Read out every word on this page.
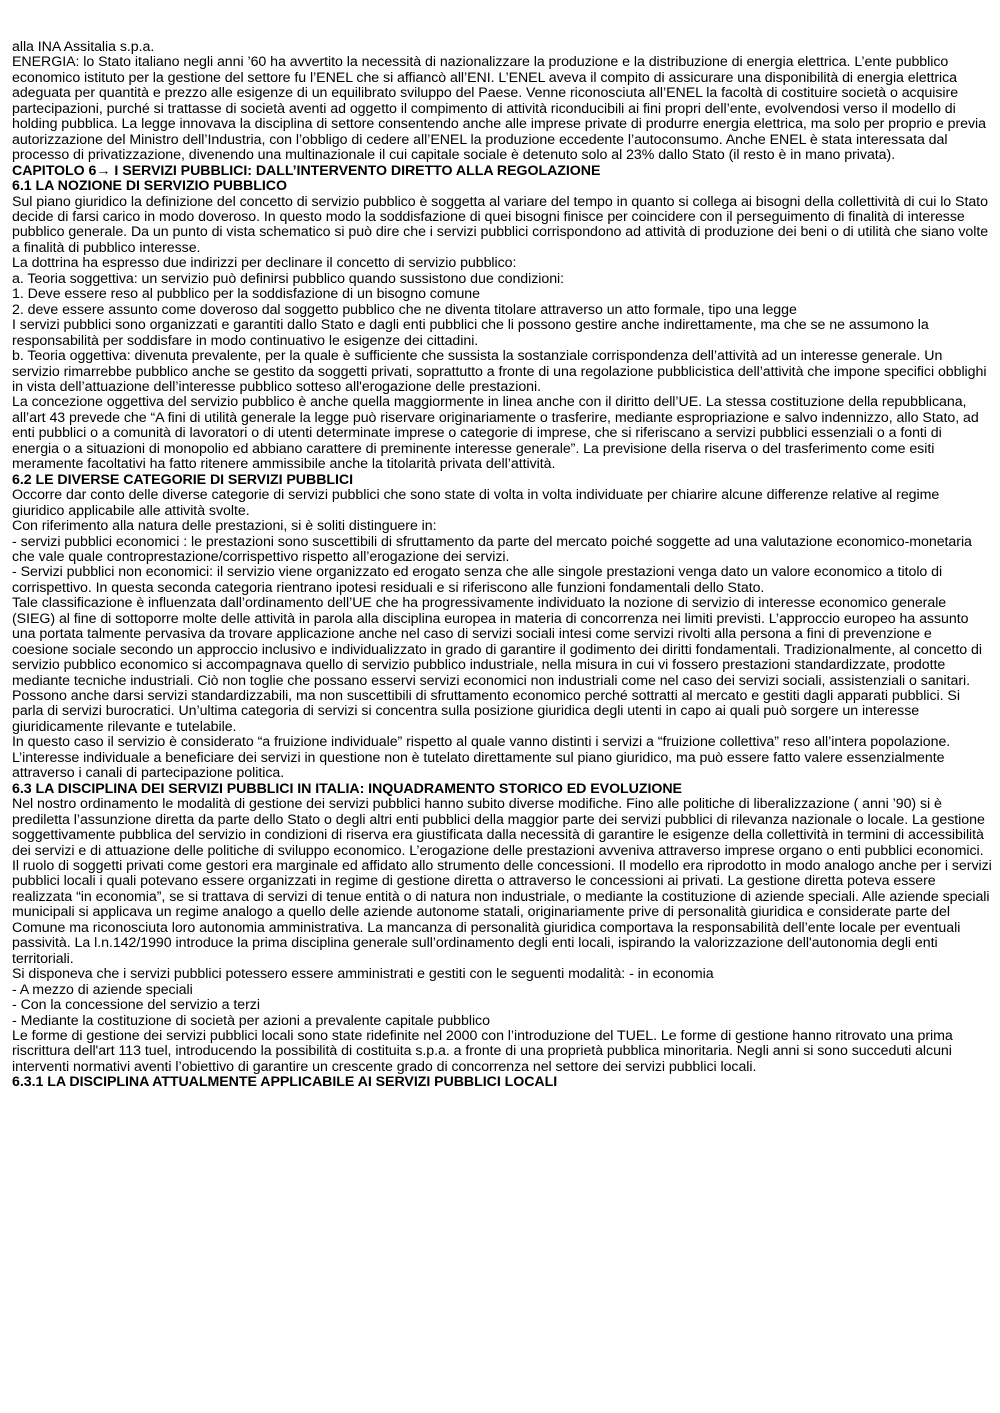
alla INA Assitalia s.p.a.

ENERGIA: lo Stato italiano negli anni ’60 ha avvertito la necessità di nazionalizzare la produzione e la distribuzione di energia elettrica. L’ente pubblico economico istituto per la gestione del settore fu l’ENEL che si affiancò all’ENI. L’ENEL aveva il compito di assicurare una disponibilità di energia elettrica adeguata per quantità e prezzo alle esigenze di un equilibrato sviluppo del Paese. Venne riconosciuta all’ENEL la facoltà di costituire società o acquisire partecipazioni, purché si trattasse di società aventi ad oggetto il compimento di attività riconducibili ai fini propri dell’ente, evolvendosi verso il modello di holding pubblica. La legge innovava la disciplina di settore consentendo anche alle imprese private di produrre energia elettrica, ma solo per proprio e previa autorizzazione del Ministro dell’Industria, con l’obbligo di cedere all’ENEL la produzione eccedente l’autoconsumo. Anche ENEL è stata interessata dal processo di privatizzazione, divenendo una multinazionale il cui capitale sociale è detenuto solo al 23% dallo Stato (il resto è in mano privata).

CAPITOLO 6→ I SERVIZI PUBBLICI: DALL’INTERVENTO DIRETTO ALLA REGOLAZIONE

6.1 LA NOZIONE DI SERVIZIO PUBBLICO

Sul piano giuridico la definizione del concetto di servizio pubblico è soggetta al variare del tempo in quanto si collega ai bisogni della collettività di cui lo Stato decide di farsi carico in modo doveroso. In questo modo la soddisfazione di quei bisogni finisce per coincidere con il perseguimento di finalità di interesse pubblico generale. Da un punto di vista schematico si può dire che i servizi pubblici corrispondono ad attività di produzione dei beni o di utilità che siano volte a finalità di pubblico interesse.

La dottrina ha espresso due indirizzi per declinare il concetto di servizio pubblico:

a. Teoria soggettiva: un servizio può definirsi pubblico quando sussistono due condizioni:

1. Deve essere reso al pubblico per la soddisfazione di un bisogno comune

2. deve essere assunto come doveroso dal soggetto pubblico che ne diventa titolare attraverso un atto formale, tipo una legge

I servizi pubblici sono organizzati e garantiti dallo Stato e dagli enti pubblici che li possono gestire anche indirettamente, ma che se ne assumono la responsabilità per soddisfare in modo continuativo le esigenze dei cittadini.

b. Teoria oggettiva: divenuta prevalente, per la quale è sufficiente che sussista la sostanziale corrispondenza dell’attività ad un interesse generale. Un servizio rimarrebbe pubblico anche se gestito da soggetti privati, soprattutto a fronte di una regolazione pubblicistica dell’attività che impone specifici obblighi in vista dell’attuazione dell’interesse pubblico sotteso all'erogazione delle prestazioni.

La concezione oggettiva del servizio pubblico è anche quella maggiormente in linea anche con il diritto dell’UE. La stessa costituzione della repubblicana, all’art 43 prevede che “A fini di utilità generale la legge può riservare originariamente o trasferire, mediante espropriazione e salvo indennizzo, allo Stato, ad enti pubblici o a comunità di lavoratori o di utenti determinate imprese o categorie di imprese, che si riferiscano a servizi pubblici essenziali o a fonti di energia o a situazioni di monopolio ed abbiano carattere di preminente interesse generale”. La previsione della riserva o del trasferimento come esiti meramente facoltativi ha fatto ritenere ammissibile anche la titolarità privata dell’attività.

6.2 LE DIVERSE CATEGORIE DI SERVIZI PUBBLICI

Occorre dar conto delle diverse categorie di servizi pubblici che sono state di volta in volta individuate per chiarire alcune differenze relative al regime giuridico applicabile alle attività svolte.

Con riferimento alla natura delle prestazioni, si è soliti distinguere in:

- servizi pubblici economici : le prestazioni sono suscettibili di sfruttamento da parte del mercato poiché soggette ad una valutazione economico-monetaria che vale quale controprestazione/corrispettivo rispetto all’erogazione dei servizi.

- Servizi pubblici non economici: il servizio viene organizzato ed erogato senza che alle singole prestazioni venga dato un valore economico a titolo di corrispettivo. In questa seconda categoria rientrano ipotesi residuali e si riferiscono alle funzioni fondamentali dello Stato.

Tale classificazione è influenzata dall’ordinamento dell’UE che ha progressivamente individuato la nozione di servizio di interesse economico generale (SIEG) al fine di sottoporre molte delle attività in parola alla disciplina europea in materia di concorrenza nei limiti previsti. L’approccio europeo ha assunto una portata talmente pervasiva da trovare applicazione anche nel caso di servizi sociali intesi come servizi rivolti alla persona a fini di prevenzione e coesione sociale secondo un approccio inclusivo e individualizzato in grado di garantire il godimento dei diritti fondamentali. Tradizionalmente, al concetto di servizio pubblico economico si accompagnava quello di servizio pubblico industriale, nella misura in cui vi fossero prestazioni standardizzate, prodotte mediante tecniche industriali. Ciò non toglie che possano esservi servizi economici non industriali come nel caso dei servizi sociali, assistenziali o sanitari. Possono anche darsi servizi standardizzabili, ma non suscettibili di sfruttamento economico perché sottratti al mercato e gestiti dagli apparati pubblici. Si parla di servizi burocratici. Un’ultima categoria di servizi si concentra sulla posizione giuridica degli utenti in capo ai quali può sorgere un interesse giuridicamente rilevante e tutelabile.

In questo caso il servizio è considerato “a fruizione individuale” rispetto al quale vanno distinti i servizi a “fruizione collettiva” reso all’intera popolazione. L’interesse individuale a beneficiare dei servizi in questione non è tutelato direttamente sul piano giuridico, ma può essere fatto valere essenzialmente attraverso i canali di partecipazione politica.

6.3 LA DISCIPLINA DEI SERVIZI PUBBLICI IN ITALIA: INQUADRAMENTO STORICO ED EVOLUZIONE

Nel nostro ordinamento le modalità di gestione dei servizi pubblici hanno subito diverse modifiche. Fino alle politiche di liberalizzazione ( anni ’90) si è prediletta l’assunzione diretta da parte dello Stato o degli altri enti pubblici della maggior parte dei servizi pubblici di rilevanza nazionale o locale. La gestione soggettivamente pubblica del servizio in condizioni di riserva era giustificata dalla necessità di garantire le esigenze della collettività in termini di accessibilità dei servizi e di attuazione delle politiche di sviluppo economico. L’erogazione delle prestazioni avveniva attraverso imprese organo o enti pubblici economici.

Il ruolo di soggetti privati come gestori era marginale ed affidato allo strumento delle concessioni. Il modello era riprodotto in modo analogo anche per i servizi pubblici locali i quali potevano essere organizzati in regime di gestione diretta o attraverso le concessioni ai privati. La gestione diretta poteva essere realizzata “in economia”, se si trattava di servizi di tenue entità o di natura non industriale, o mediante la costituzione di aziende speciali. Alle aziende speciali municipali si applicava un regime analogo a quello delle aziende autonome statali, originariamente prive di personalità giuridica e considerate parte del Comune ma riconosciuta loro autonomia amministrativa. La mancanza di personalità giuridica comportava la responsabilità dell’ente locale per eventuali passività. La l.n.142/1990 introduce la prima disciplina generale sull’ordinamento degli enti locali, ispirando la valorizzazione dell'autonomia degli enti territoriali.

Si disponeva che i servizi pubblici potessero essere amministrati e gestiti con le seguenti modalità: - in economia

- A mezzo di aziende speciali

- Con la concessione del servizio a terzi

- Mediante la costituzione di società per azioni a prevalente capitale pubblico

Le forme di gestione dei servizi pubblici locali sono state ridefinite nel 2000 con l’introduzione del TUEL. Le forme di gestione hanno ritrovato una prima riscrittura dell'art 113 tuel, introducendo la possibilità di costituita s.p.a. a fronte di una proprietà pubblica minoritaria. Negli anni si sono succeduti alcuni interventi normativi aventi l’obiettivo di garantire un crescente grado di concorrenza nel settore dei servizi pubblici locali.

6.3.1 LA DISCIPLINA ATTUALMENTE APPLICABILE AI SERVIZI PUBBLICI LOCALI
